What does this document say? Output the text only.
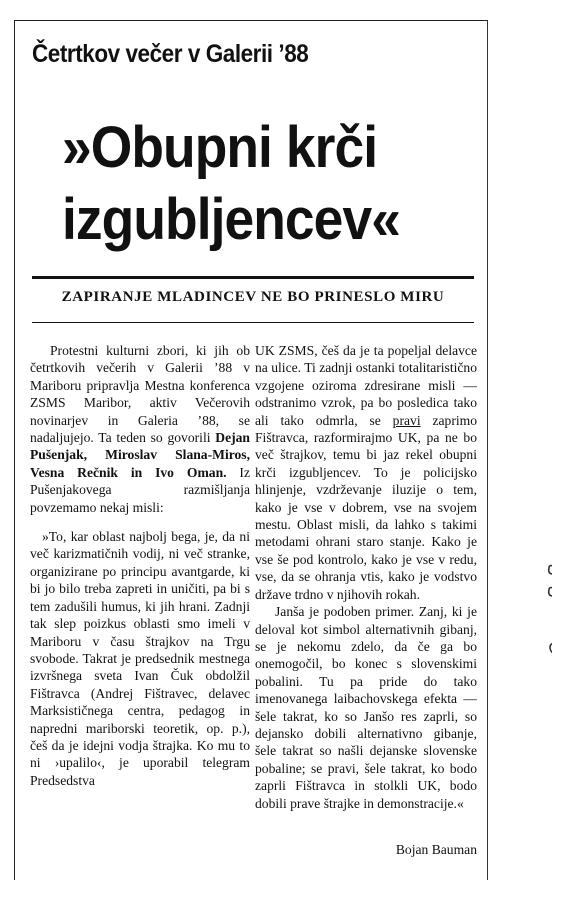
Četrtkov večer v Galerii ’88
»Obupni krči izgubljencev«
ZAPIRANJE MLADINCEV NE BO PRINESLO MIRU

Protestni kulturni zbori, ki jih ob četrtkovih večerih v Galerii ’88 v Mariboru pripravlja Mestna konferenca ZSMS Maribor, aktiv Večerovih novinarjev in Galeria ’88, se nadaljujejo. Ta teden so govorili Dejan Pušenjak, Miroslav Slana-Miros, Vesna Rečnik in Ivo Oman. Iz Pušenjakovega razmišljanja povzemamo nekaj misli:

»To, kar oblast najbolj bega, je, da ni več karizmatičnih vodij, ni več stranke, organizirane po principu avantgarde, ki bi jo bilo treba zapreti in uničiti, pa bi s tem zadušili humus, ki jih hrani. Zadnji tak slep poizkus oblasti smo imeli v Mariboru v času štrajkov na Trgu svobode. Takrat je predsednik mestnega izvršnega sveta Ivan Čuk obdolžil Fištravca (Andrej Fištravec, delavec Marksističnega centra, pedagog in napredni mariborski teoretik, op. p.), češ da je idejni vodja štrajka. Ko mu to ni ›upalilo‹, je uporabil telegram Predsedstva

UK ZSMS, češ da je ta popeljal delavce na ulice. Ti zadnji ostanki totalitaristično vzgojene oziroma zdresirane misli — odstranimo vzrok, pa bo posledica tako ali tako odmrla, se pravi zaprimo Fištravca, razformirajmo UK, pa ne bo več štrajkov, temu bi jaz rekel obupni krči izgubljencev. To je policijsko hlinjenje, vzdrževanje iluzije o tem, kako je vse v dobrem, vse na svojem mestu. Oblast misli, da lahko s takimi metodami ohrani staro stanje. Kako je vse še pod kontrolo, kako je vse v redu, vse, da se ohranja vtis, kako je vodstvo države trdno v njihovih rokah.

Janša je podoben primer. Zanj, ki je deloval kot simbol alternativnih gibanj, se je nekomu zdelo, da če ga bo onemogočil, bo konec s slovenskimi pobalini. Tu pa pride do tako imenovanega laibachovskega efekta — šele takrat, ko so Janšo res zaprli, so dejansko dobili alternativno gibanje, šele takrat so našli dejanske slovenske pobaline; se pravi, šele takrat, ko bodo zaprli Fištravca in stolkli UK, bodo dobili prave štrajke in demonstracije.«

Bojan Bauman
